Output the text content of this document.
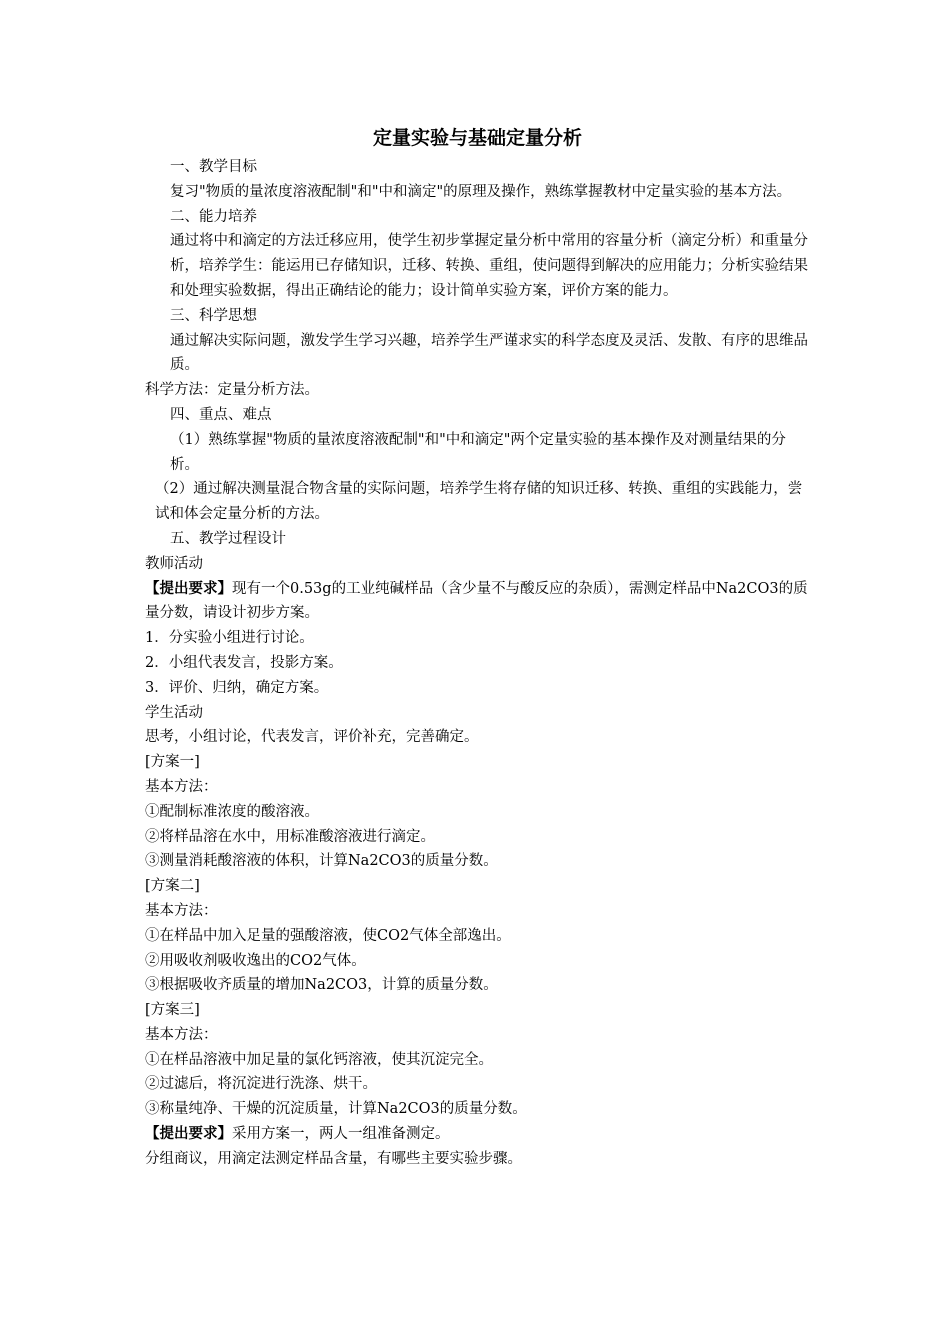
定量实验与基础定量分析

一、教学目标

复习"物质的量浓度溶液配制"和"中和滴定"的原理及操作，熟练掌握教材中定量实验的基本方法。

二、能力培养

通过将中和滴定的方法迁移应用，使学生初步掌握定量分析中常用的容量分析（滴定分析）和重量分析，培养学生：能运用已存储知识，迁移、转换、重组，使问题得到解决的应用能力；分析实验结果和处理实验数据，得出正确结论的能力；设计简单实验方案，评价方案的能力。

三、科学思想

通过解决实际问题，激发学生学习兴趣，培养学生严谨求实的科学态度及灵活、发散、有序的思维品质。

科学方法：定量分析方法。

四、重点、难点

（1）熟练掌握"物质的量浓度溶液配制"和"中和滴定"两个定量实验的基本操作及对测量结果的分析。

（2）通过解决测量混合物含量的实际问题，培养学生将存储的知识迁移、转换、重组的实践能力，尝试和体会定量分析的方法。

五、教学过程设计

教师活动

【提出要求】现有一个0.53g的工业纯碱样品（含少量不与酸反应的杂质），需测定样品中Na2CO3的质量分数，请设计初步方案。

1．分实验小组进行讨论。

2．小组代表发言，投影方案。

3．评价、归纳，确定方案。

学生活动

思考，小组讨论，代表发言，评价补充，完善确定。

[方案一]

基本方法：

①配制标准浓度的酸溶液。

②将样品溶在水中，用标准酸溶液进行滴定。

③测量消耗酸溶液的体积，计算Na2CO3的质量分数。

[方案二]

基本方法：

①在样品中加入足量的强酸溶液，使CO2气体全部逸出。

②用吸收剂吸收逸出的CO2气体。

③根据吸收齐质量的增加Na2CO3，计算的质量分数。

[方案三]

基本方法：

①在样品溶液中加足量的氯化钙溶液，使其沉淀完全。

②过滤后，将沉淀进行洗涤、烘干。

③称量纯净、干燥的沉淀质量，计算Na2CO3的质量分数。

【提出要求】采用方案一，两人一组准备测定。

分组商议，用滴定法测定样品含量，有哪些主要实验步骤。
